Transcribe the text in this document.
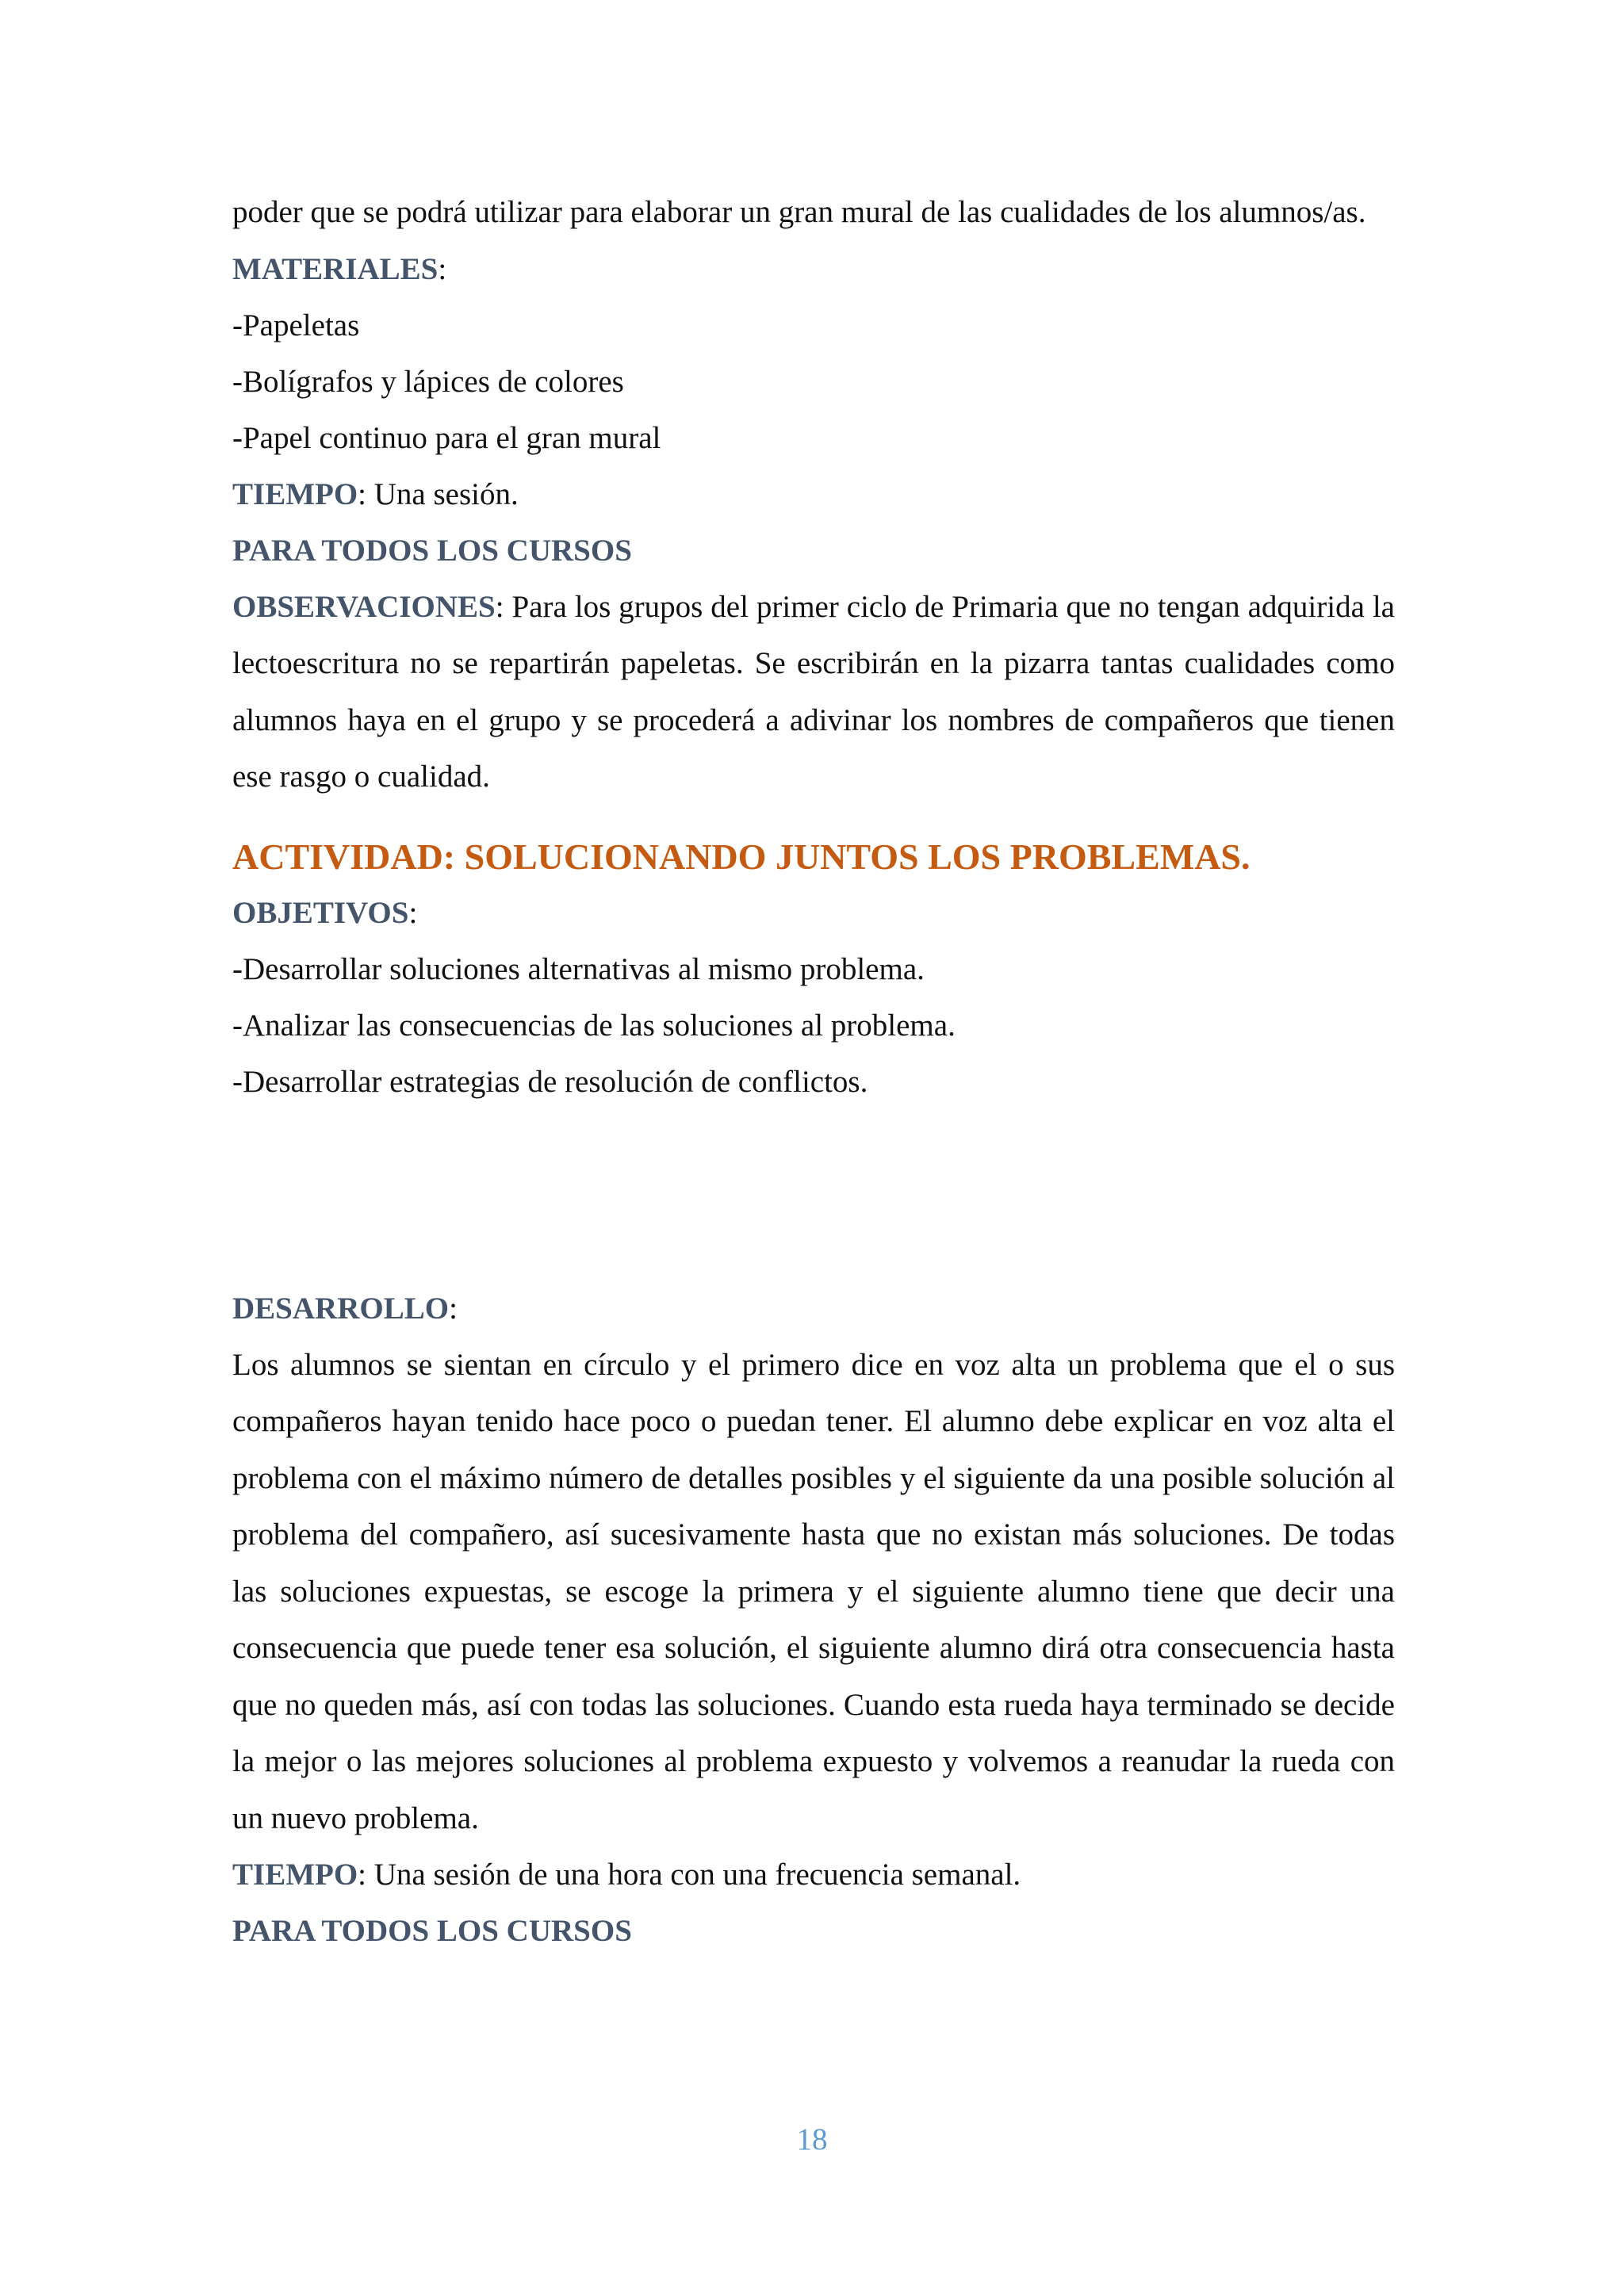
poder que se podrá utilizar para elaborar un gran mural de las cualidades de los alumnos/as.
MATERIALES:
-Papeletas
-Bolígrafos y lápices de colores
-Papel continuo para el gran mural
TIEMPO: Una sesión.
PARA TODOS LOS CURSOS
OBSERVACIONES: Para los grupos del primer ciclo de Primaria que no tengan adquirida la lectoescritura no se repartirán papeletas. Se escribirán en la pizarra tantas cualidades como alumnos haya en el grupo y se procederá a adivinar los nombres de compañeros que tienen ese rasgo o cualidad.
ACTIVIDAD: SOLUCIONANDO JUNTOS LOS PROBLEMAS.
OBJETIVOS:
-Desarrollar soluciones alternativas al mismo problema.
-Analizar las consecuencias de las soluciones al problema.
-Desarrollar estrategias de resolución de conflictos.
DESARROLLO:
Los alumnos se sientan en círculo y el primero dice en voz alta un problema que el o sus compañeros hayan tenido hace poco o puedan tener. El alumno debe explicar en voz alta el problema con el máximo número de detalles posibles y el siguiente da una posible solución al problema del compañero, así sucesivamente hasta que no existan más soluciones. De todas las soluciones expuestas, se escoge la primera y el siguiente alumno tiene que decir una consecuencia que puede tener esa solución, el siguiente alumno dirá otra consecuencia hasta que no queden más, así con todas las soluciones. Cuando esta rueda haya terminado se decide la mejor o las mejores soluciones al problema expuesto y volvemos a reanudar la rueda con un nuevo problema.
TIEMPO: Una sesión de una hora con una frecuencia semanal.
PARA TODOS LOS CURSOS
18
